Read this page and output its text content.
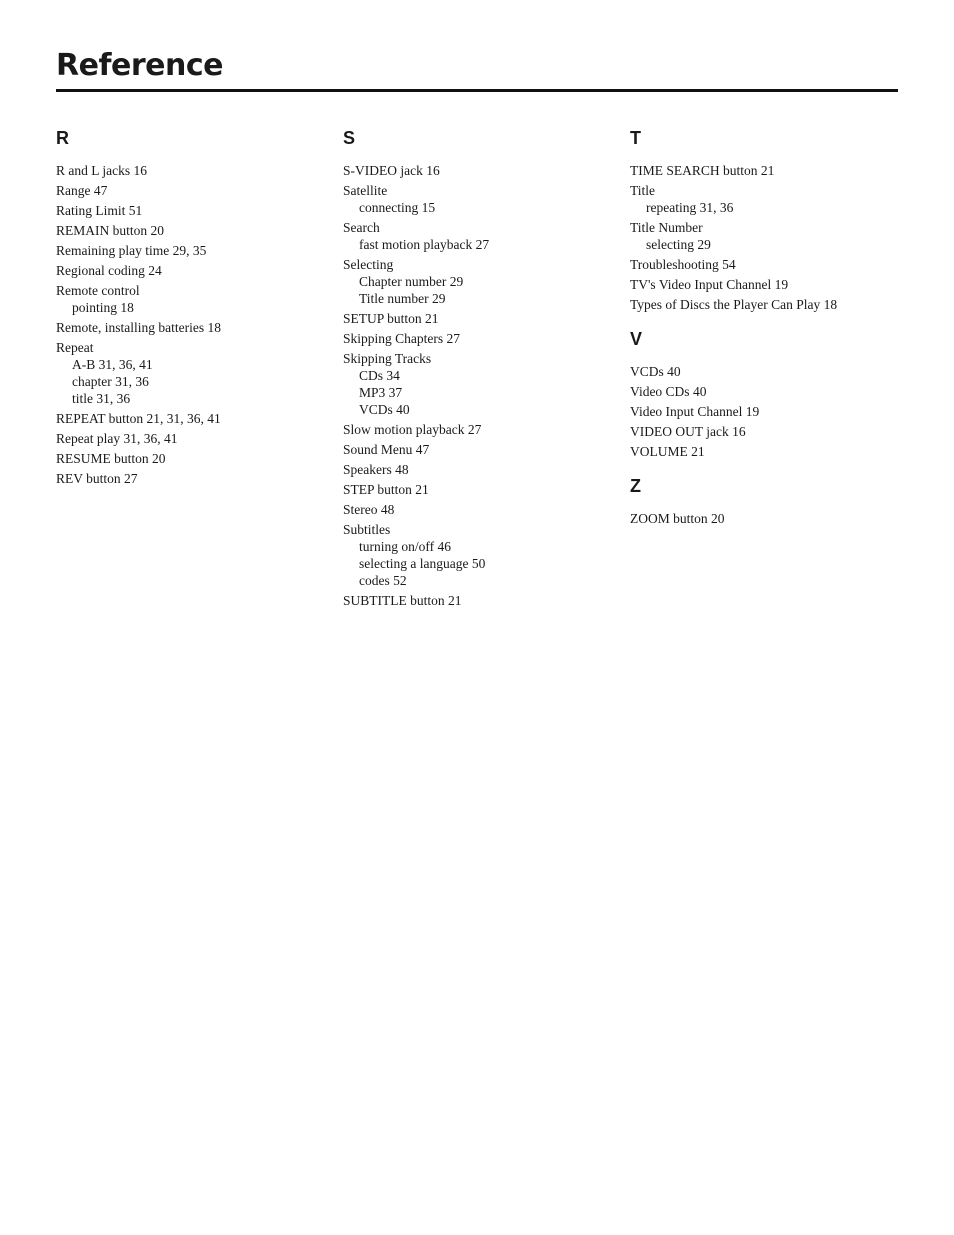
Reference
R
R and L jacks 16
Range 47
Rating Limit 51
REMAIN button 20
Remaining play time 29, 35
Regional coding 24
Remote control
pointing 18
Remote, installing batteries 18
Repeat
A-B 31, 36, 41
chapter 31, 36
title 31, 36
REPEAT button 21, 31, 36, 41
Repeat play 31, 36, 41
RESUME button 20
REV button 27
S
S-VIDEO jack 16
Satellite
connecting 15
Search
fast motion playback 27
Selecting
Chapter number 29
Title number 29
SETUP button 21
Skipping Chapters 27
Skipping Tracks
CDs 34
MP3 37
VCDs 40
Slow motion playback 27
Sound Menu 47
Speakers 48
STEP button 21
Stereo 48
Subtitles
turning on/off 46
selecting a language 50
codes 52
SUBTITLE button 21
T
TIME SEARCH button 21
Title
repeating 31, 36
Title Number
selecting 29
Troubleshooting 54
TV's Video Input Channel 19
Types of Discs the Player Can Play 18
V
VCDs 40
Video CDs 40
Video Input Channel 19
VIDEO OUT jack 16
VOLUME 21
Z
ZOOM button 20
